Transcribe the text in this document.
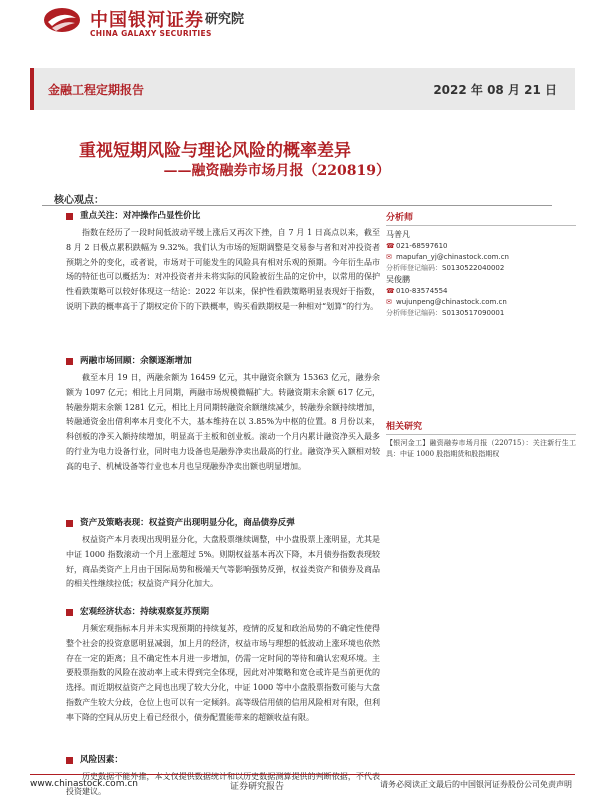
中国银河证券
CHINA GALAXY SECURITIES
研究院
金融工程定期报告	2022 年 08 月 21 日
重视短期风险与理论风险的概率差异
——融资融券市场月报（220819）
核心观点：
重点关注：对冲操作凸显性价比
指数在经历了一段时间低波动平缓上涨后又再次下挫，自 7 月 1 日高点以来，截至 8 月 2 日极点累积跌幅为 9.32%。我们认为市场的短期调整是交易参与者和对冲投资者预期之外的变化，或者说，市场对于可能发生的风险具有相对乐观的预期。今年衍生品市场的特征也可以概括为：对冲投资者并未将实际的风险被衍生品的定价中，以常用的保护性看跌策略可以较好体现这一结论：2022 年以来，保护性看跌策略明显表现好于指数，说明下跌的概率高于了期权定价下的下跌概率，购买看跌期权是一种相对“划算”的行为。
两融市场回顾：余额逐渐增加
截至本月 19 日，两融余额为 16459 亿元，其中融资余额为 15363 亿元，融券余额为 1097 亿元；相比上月同期，两融市场规模微幅扩大。转融资期末余额 617 亿元，转融券期末余额 1281 亿元，相比上月同期转融资余额继续减少，转融券余额持续增加，转融通资金出借利率本月变化不大，基本维持在以 3.85%为中枢的位置。8 月份以来，科创板的净买入额持续增加，明显高于主板和创业板。滚动一个月内累计融资净买入最多的行业为电力设备行业，同时电力设备也是融券净卖出最高的行业。融资净买入额相对较高的电子、机械设备等行业也本月也呈现融券净卖出额也明显增加。
资产及策略表现：权益资产出现明显分化，商品债券反弹
权益资产本月表现出现明显分化，大盘股票继续调整，中小盘股票上涨明显，尤其是中证 1000 指数滚动一个月上涨超过 5%。则期权益基本再次下降，本月债券指数表现较好，商品类资产上月由于国际局势和极端天气等影响强势反弹，权益类资产和债券及商品的相关性继续拉低；权益资产间分化加大。
宏观经济状态：持续观察复苏预期
月频宏观指标本月并未实现预期的持续复苏，疫情的反复和政治局势的不确定性使得整个社会的投资意愿明显减弱，加上月的经济，权益市场与理想的低波动上涨环境也依然存在一定的距离；且不确定性本月进一步增加，仍需一定时间的等待和确认宏观环境。主要股票指数的风险在波动率上或未得到完全体现，因此对冲策略和宽仓或许是当前更优的选择。而近期权益资产之间也出现了较大分化，中证 1000 等中小盘股票指数可能与大盘指数产生较大分歧，仓位上也可以有一定倾斜。高等级信用债的信用风险相对有限，但利率下降的空间从历史上看已经很小，债券配置能带来的超额收益有限。
风险因素：
历史数据不能外推，本文仅提供数据统计和以历史数据测算提供的判断依据，不代表投资建议。
分析师
马普凡
☎ 021-68597610
✉ mapufan_yj@chinastock.com.cn
分析师登记编码： S0130522040002
吴俊鹏
☎ 010-83574554
✉ wujunpeng@chinastock.com.cn
分析师登记编码： S0130517090001
相关研究
【银河金工】融资融券市场月报（220715）：关注新行生工具：中证 1000 股指期货和股指期权
www.chinastock.com.cn	证券研究报告	请务必阅读正文最后的中国银河证券股份公司免责声明
